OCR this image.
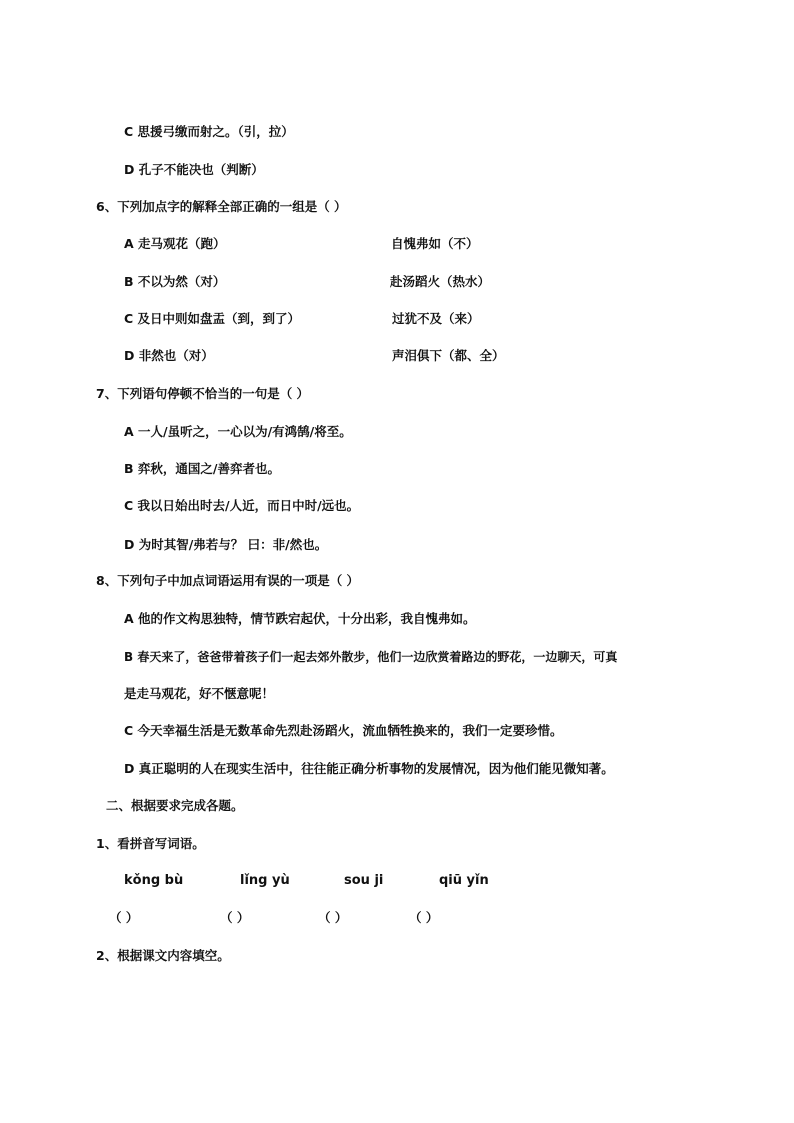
C 思援弓缴而射之。（引，拉）
D 孔子不能决也（判断）
6、下列加点字的解释全部正确的一组是（ ）
A 走马观花（跑）	自愧弗如（不）
B 不以为然（对）	赴汤蹈火（热水）
C 及日中则如盘盂（到，到了）	过犹不及（来）
D 非然也（对）	声泪俱下（都、全）
7、下列语句停顿不恰当的一句是（ ）
A 一人/虽听之，一心以为/有鸿鹄/将至。
B 弈秋，通国之/善弈者也。
C 我以日始出时去/人近，而日中时/远也。
D 为时其智/弗若与？ 曰：非/然也。
8、下列句子中加点词语运用有误的一项是（ ）
A 他的作文构思独特，情节跌宕起伏，十分出彩，我自愧弗如。
B 春天来了，爸爸带着孩子们一起去郊外散步，他们一边欣赏着路边的野花，一边聊天，可真
是走马观花，好不惬意呢！
C 今天幸福生活是无数革命先烈赴汤蹈火，流血牺牲换来的，我们一定要珍惜。
D 真正聪明的人在现实生活中，往往能正确分析事物的发展情况，因为他们能见微知著。
二、根据要求完成各题。
1、看拼音写词语。
kǒng bù	lǐng yù	sou ji	qiū yǐn
（ ）	（ ）	（ ）	（ ）
2、根据课文内容填空。
